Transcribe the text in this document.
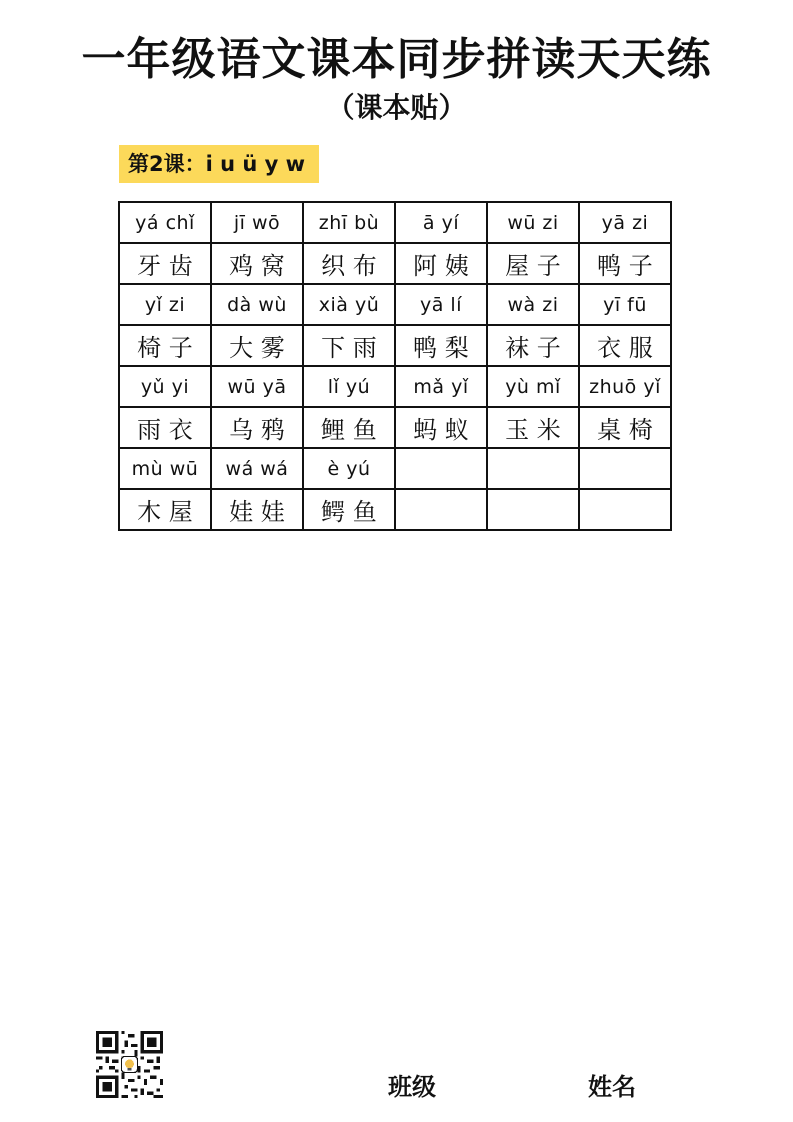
一年级语文课本同步拼读天天练
（课本贴）
第2课：i u ü y w
yá chǐ	jī wō	zhī bù	ā yí	wū zi	yā zi
牙 齿	鸡 窝	织 布	阿 姨	屋 子	鸭 子
yǐ zi	dà wù	xià yǔ	yā lí	wà zi	yī fū
椅 子	大 雾	下 雨	鸭 梨	袜 子	衣 服
yǔ yi	wū yā	lǐ yú	mǎ yǐ	yù mǐ	zhuō yǐ
雨 衣	乌 鸦	鲤 鱼	蚂 蚁	玉 米	桌 椅
mù wū	wá wá	è yú			
木 屋	娃 娃	鳄 鱼			
班级	姓名
